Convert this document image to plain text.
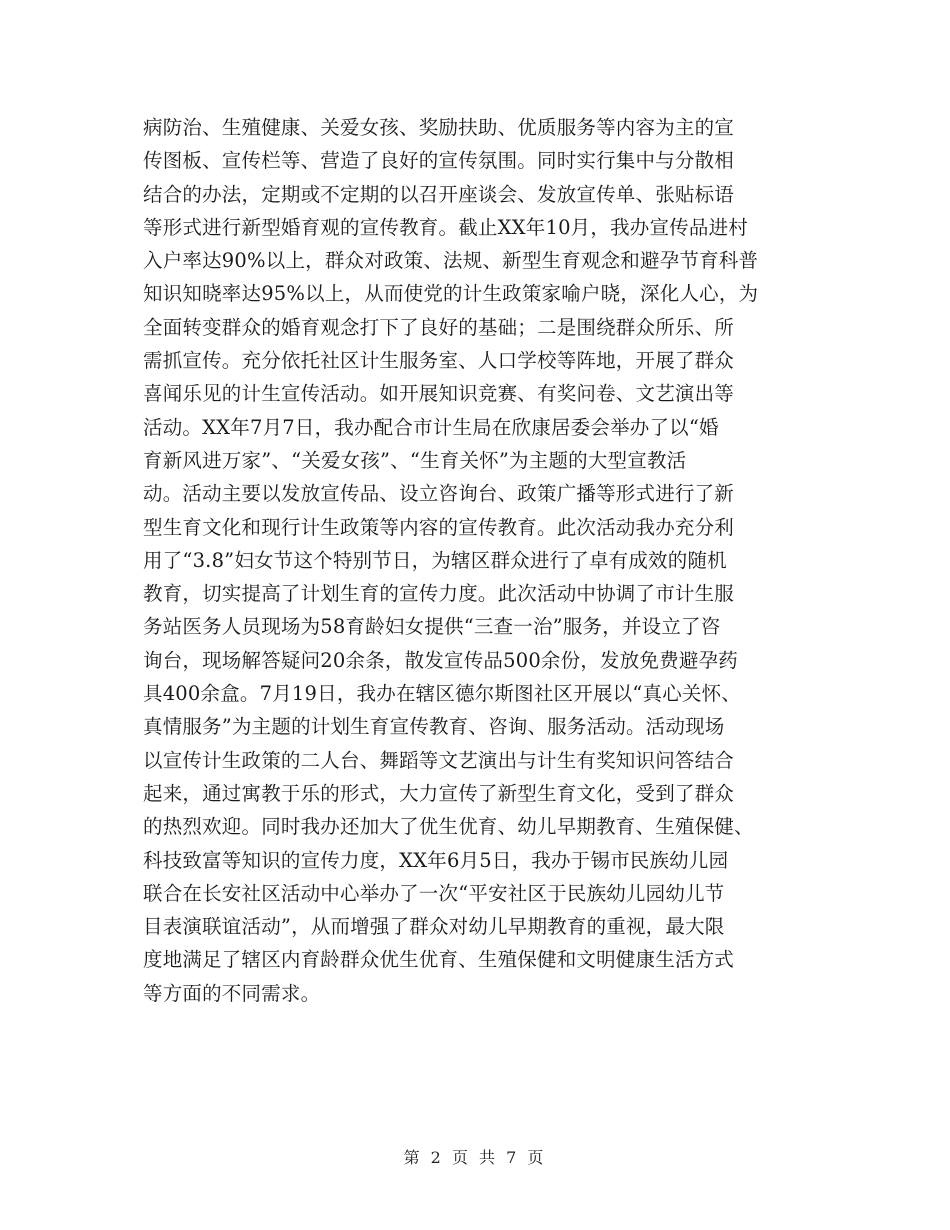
病防治、生殖健康、关爱女孩、奖励扶助、优质服务等内容为主的宣
传图板、宣传栏等、营造了良好的宣传氛围。同时实行集中与分散相
结合的办法，定期或不定期的以召开座谈会、发放宣传单、张贴标语
等形式进行新型婚育观的宣传教育。截止XX年10月，我办宣传品进村
入户率达90%以上，群众对政策、法规、新型生育观念和避孕节育科普
知识知晓率达95%以上，从而使党的计生政策家喻户晓，深化人心，为
全面转变群众的婚育观念打下了良好的基础；二是围绕群众所乐、所
需抓宣传。充分依托社区计生服务室、人口学校等阵地，开展了群众
喜闻乐见的计生宣传活动。如开展知识竞赛、有奖问卷、文艺演出等
活动。XX年7月7日，我办配合市计生局在欣康居委会举办了以“婚
育新风进万家”、“关爱女孩”、“生育关怀”为主题的大型宣教活
动。活动主要以发放宣传品、设立咨询台、政策广播等形式进行了新
型生育文化和现行计生政策等内容的宣传教育。此次活动我办充分利
用了“3.8”妇女节这个特别节日，为辖区群众进行了卓有成效的随机
教育，切实提高了计划生育的宣传力度。此次活动中协调了市计生服
务站医务人员现场为58育龄妇女提供“三查一治”服务，并设立了咨
询台，现场解答疑问20余条，散发宣传品500余份，发放免费避孕药
具400余盒。7月19日，我办在辖区德尔斯图社区开展以“真心关怀、
真情服务”为主题的计划生育宣传教育、咨询、服务活动。活动现场
以宣传计生政策的二人台、舞蹈等文艺演出与计生有奖知识问答结合
起来，通过寓教于乐的形式，大力宣传了新型生育文化，受到了群众
的热烈欢迎。同时我办还加大了优生优育、幼儿早期教育、生殖保健、
科技致富等知识的宣传力度，XX年6月5日，我办于锡市民族幼儿园
联合在长安社区活动中心举办了一次“平安社区于民族幼儿园幼儿节
目表演联谊活动”，从而增强了群众对幼儿早期教育的重视，最大限
度地满足了辖区内育龄群众优生优育、生殖保健和文明健康生活方式
等方面的不同需求。
第 2 页 共 7 页
